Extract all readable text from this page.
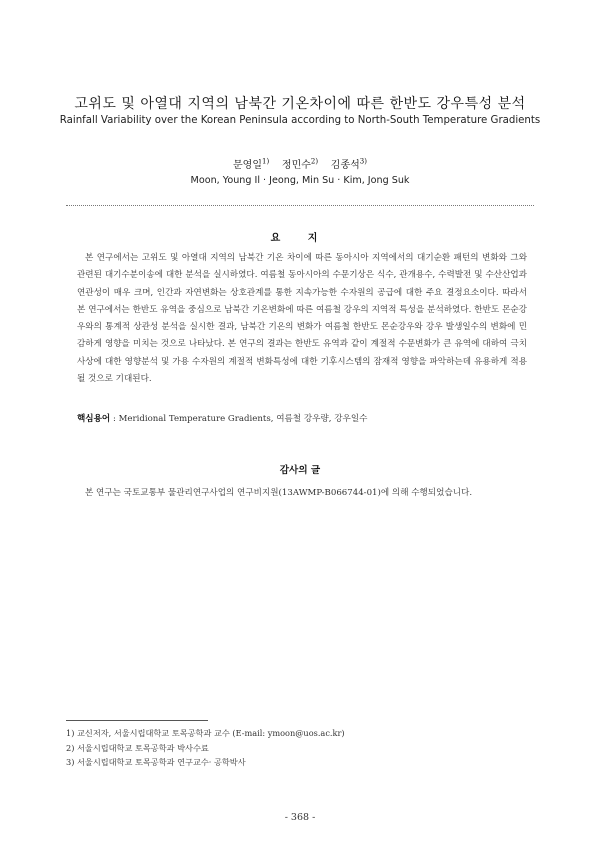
고위도 및 아열대 지역의 남북간 기온차이에 따른 한반도 강우특성 분석
Rainfall Variability over the Korean Peninsula according to North-South Temperature Gradients
문영일$^{1)}$ 정민수$^{2)}$ 김종석$^{3)}$
Moon, Young Il · Jeong, Min Su · Kim, Jong Suk
요 지
본 연구에서는 고위도 및 아열대 지역의 남북간 기온 차이에 따른 동아시아 지역에서의 대기순환 패턴의 변화와 그와 관련된 대기수분이송에 대한 분석을 실시하였다. 여름철 동아시아의 수문기상은 식수, 관개용수, 수력발전 및 수산산업과 연관성이 매우 크며, 인간과 자연변화는 상호관계를 통한 지속가능한 수자원의 공급에 대한 주요 결정요소이다. 따라서 본 연구에서는 한반도 유역을 중심으로 남북간 기온변화에 따른 여름철 강우의 지역적 특성을 분석하였다. 한반도 몬순강우와의 통계적 상관성 분석을 실시한 결과, 남북간 기온의 변화가 여름철 한반도 몬순강우와 강우 발생일수의 변화에 민감하게 영향을 미치는 것으로 나타났다. 본 연구의 결과는 한반도 유역과 같이 계절적 수문변화가 큰 유역에 대하여 극치사상에 대한 영향분석 및 가용 수자원의 계절적 변화특성에 대한 기후시스템의 잠재적 영향을 파악하는데 유용하게 적용될 것으로 기대된다.
핵심용어 : Meridional Temperature Gradients, 여름철 강우량, 강우일수
감사의 글
본 연구는 국토교통부 물관리연구사업의 연구비지원(13AWMP-B066744-01)에 의해 수행되었습니다.
1) 교신저자, 서울시립대학교 토목공학과 교수 (E-mail: ymoon@uos.ac.kr)
2) 서울시립대학교 토목공학과 박사수료
3) 서울시립대학교 토목공학과 연구교수· 공학박사
- 368 -
